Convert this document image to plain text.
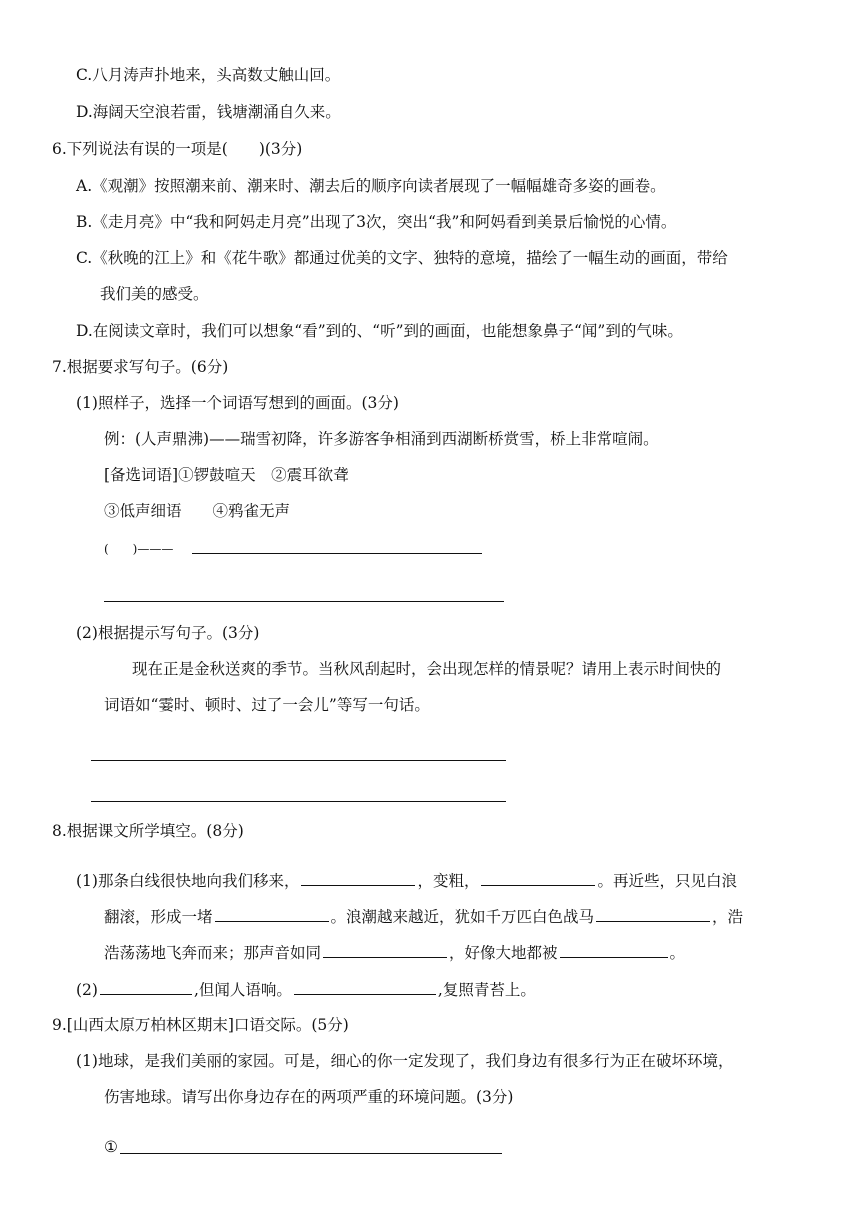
C.八月涛声扑地来，头高数丈触山回。
D.海阔天空浪若雷，钱塘潮涌自久来。
6.下列说法有误的一项是(　　)(3分)
A.《观潮》按照潮来前、潮来时、潮去后的顺序向读者展现了一幅幅雄奇多姿的画卷。
B.《走月亮》中“我和阿妈走月亮”出现了3次，突出“我”和阿妈看到美景后愉悦的心情。
C.《秋晚的江上》和《花牛歌》都通过优美的文字、独特的意境，描绘了一幅生动的画面，带给
我们美的感受。
D.在阅读文章时，我们可以想象“看”到的、“听”到的画面，也能想象鼻子“闻”到的气味。
7.根据要求写句子。(6分)
(1)照样子，选择一个词语写想到的画面。(3分)
例：(人声鼎沸)——瑞雪初降，许多游客争相涌到西湖断桥赏雪，桥上非常喧闹。
[备选词语]①锣鼓喧天　②震耳欲聋
③低声细语　　④鸦雀无声
(　　)———
(2)根据提示写句子。(3分)
现在正是金秋送爽的季节。当秋风刮起时，会出现怎样的情景呢？请用上表示时间快的
词语如“霎时、顿时、过了一会儿”等写一句话。
8.根据课文所学填空。(8分)
(1)那条白线很快地向我们移来，	，变粗，	。再近些，只见白浪
翻滚，形成一堵	。浪潮越来越近，犹如千万匹白色战马	，浩
浩荡荡地飞奔而来；那声音如同	，好像大地都被	。
(2)	,但闻人语响。	,复照青苔上。
9.[山西太原万柏林区期末]口语交际。(5分)
(1)地球，是我们美丽的家园。可是，细心的你一定发现了，我们身边有很多行为正在破坏环境，
伤害地球。请写出你身边存在的两项严重的环境问题。(3分)
①
